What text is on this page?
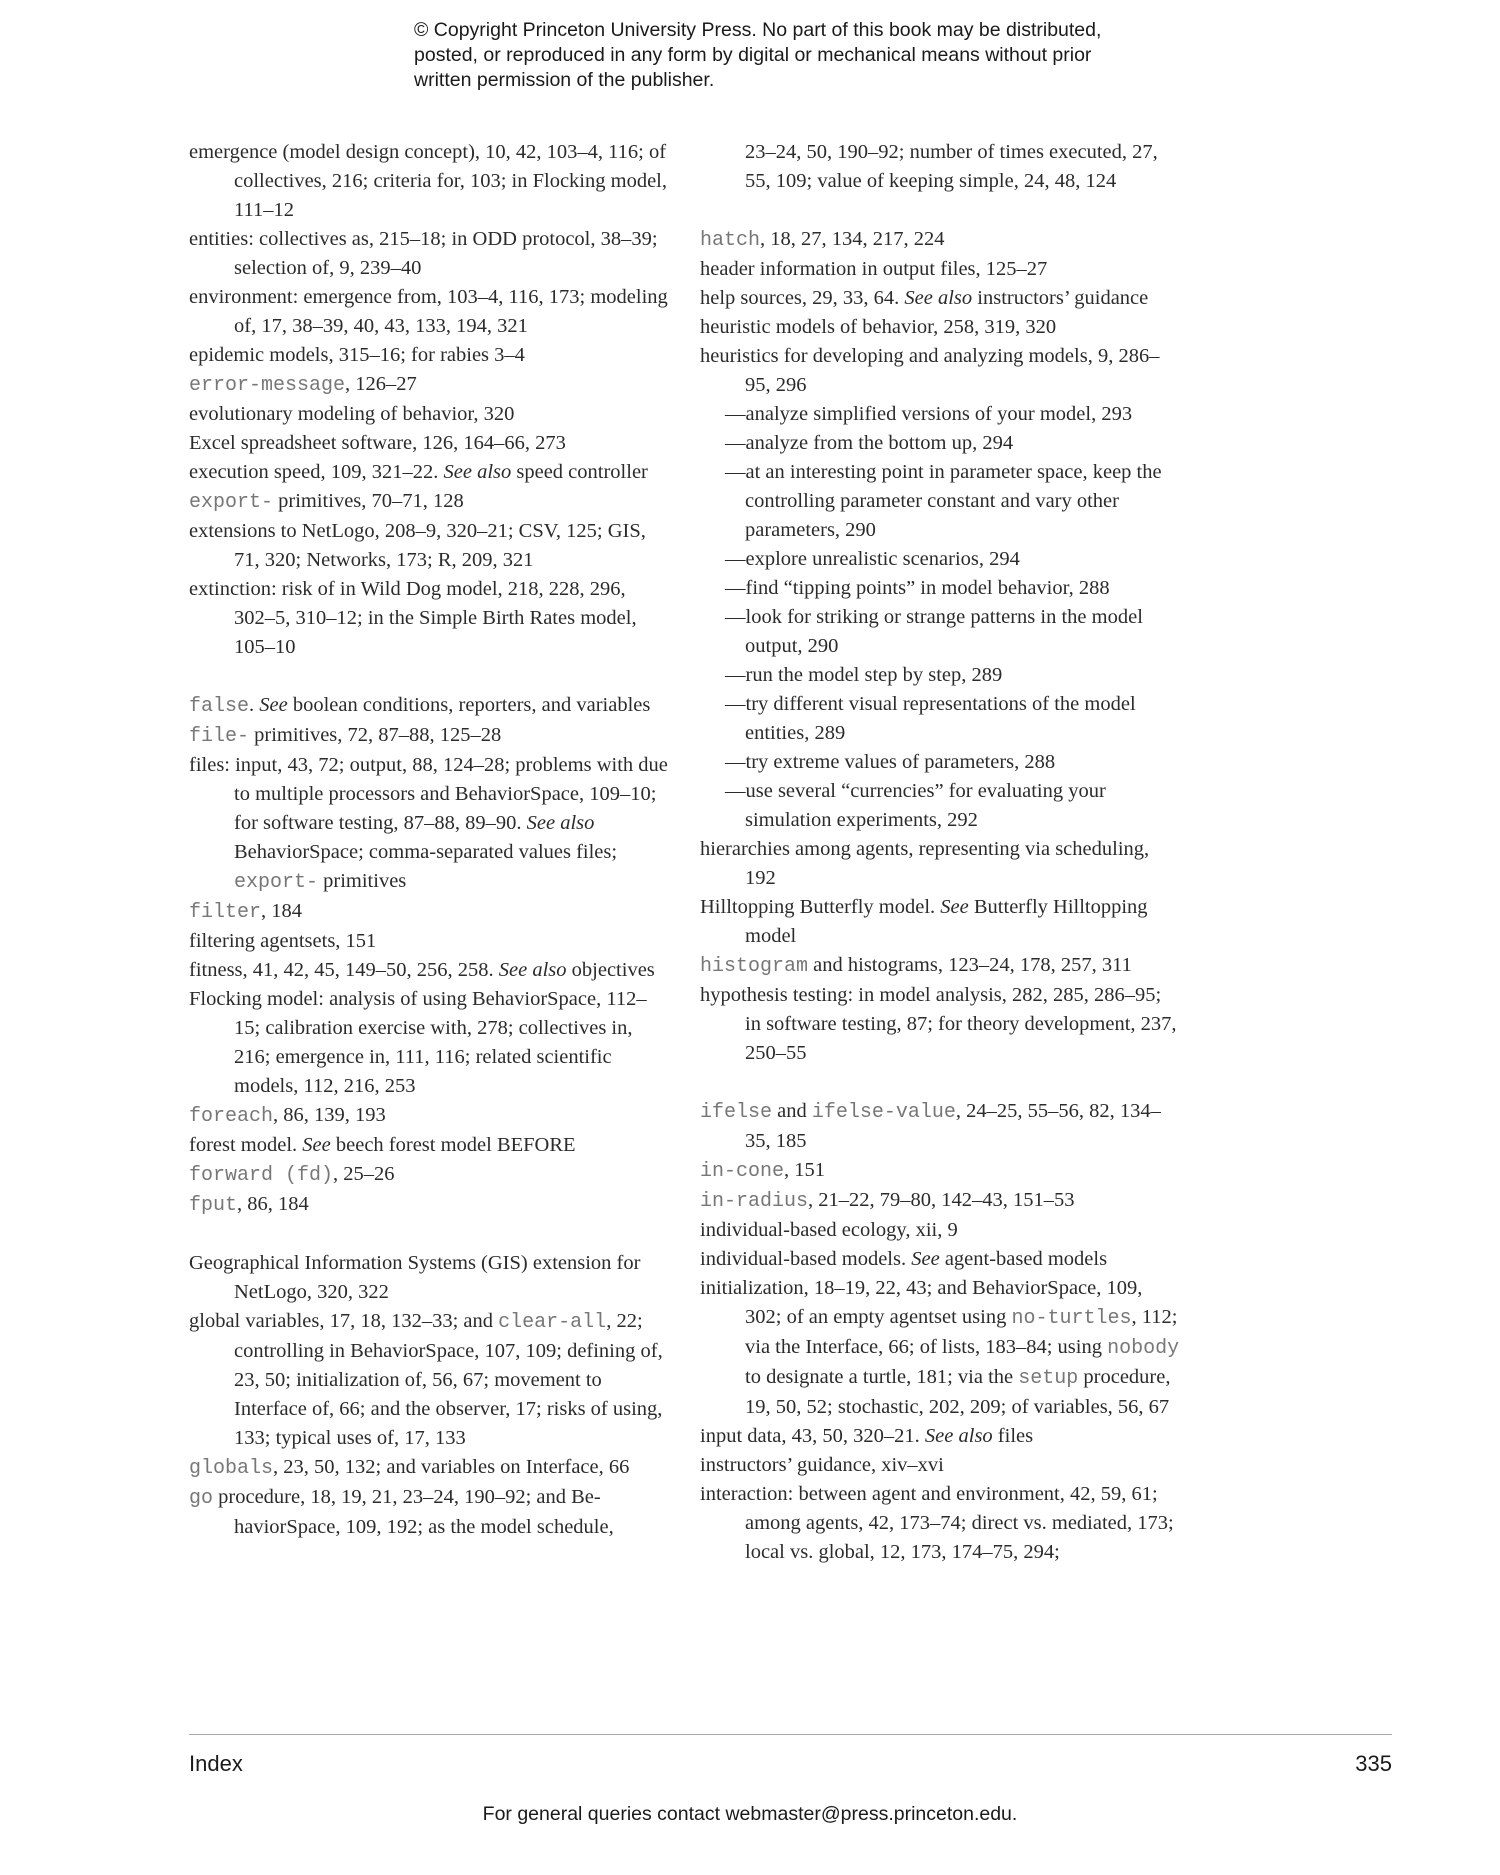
© Copyright Princeton University Press. No part of this book may be distributed, posted, or reproduced in any form by digital or mechanical means without prior written permission of the publisher.

emergence (model design concept), 10, 42, 103–4, 116; of collectives, 216; criteria for, 103; in Flocking model, 111–12

entities: collectives as, 215–18; in ODD protocol, 38–39; selection of, 9, 239–40

environment: emergence from, 103–4, 116, 173; modeling of, 17, 38–39, 40, 43, 133, 194, 321

epidemic models, 315–16; for rabies 3–4

error-message, 126–27

evolutionary modeling of behavior, 320

Excel spreadsheet software, 126, 164–66, 273

execution speed, 109, 321–22. See also speed controller

export- primitives, 70–71, 128

extensions to NetLogo, 208–9, 320–21; CSV, 125; GIS, 71, 320; Networks, 173; R, 209, 321

extinction: risk of in Wild Dog model, 218, 228, 296, 302–5, 310–12; in the Simple Birth Rates model, 105–10

false. See boolean conditions, reporters, and variables

file- primitives, 72, 87–88, 125–28

files: input, 43, 72; output, 88, 124–28; problems with due to multiple processors and BehaviorSpace, 109–10; for software testing, 87–88, 89–90. See also BehaviorSpace; comma-separated values files; export- primitives

filter, 184

filtering agentsets, 151

fitness, 41, 42, 45, 149–50, 256, 258. See also objectives

Flocking model: analysis of using BehaviorSpace, 112–15; calibration exercise with, 278; collectives in, 216; emergence in, 111, 116; related scientific models, 112, 216, 253

foreach, 86, 139, 193

forest model. See beech forest model BEFORE

forward (fd), 25–26

fput, 86, 184

Geographical Information Systems (GIS) extension for NetLogo, 320, 322

global variables, 17, 18, 132–33; and clear-all, 22; controlling in BehaviorSpace, 107, 109; defining of, 23, 50; initialization of, 56, 67; movement to Interface of, 66; and the observer, 17; risks of using, 133; typical uses of, 17, 133

globals, 23, 50, 132; and variables on Interface, 66

go procedure, 18, 19, 21, 23–24, 190–92; and BehaviorSpace, 109, 192; as the model schedule,

23–24, 50, 190–92; number of times executed, 27, 55, 109; value of keeping simple, 24, 48, 124

hatch, 18, 27, 134, 217, 224

header information in output files, 125–27

help sources, 29, 33, 64. See also instructors’ guidance

heuristic models of behavior, 258, 319, 320

heuristics for developing and analyzing models, 9, 286–95, 296

—analyze simplified versions of your model, 293

—analyze from the bottom up, 294

—at an interesting point in parameter space, keep the controlling parameter constant and vary other parameters, 290

—explore unrealistic scenarios, 294

—find “tipping points” in model behavior, 288

—look for striking or strange patterns in the model output, 290

—run the model step by step, 289

—try different visual representations of the model entities, 289

—try extreme values of parameters, 288

—use several “currencies” for evaluating your simulation experiments, 292

hierarchies among agents, representing via scheduling, 192

Hilltopping Butterfly model. See Butterfly Hilltopping model

histogram and histograms, 123–24, 178, 257, 311

hypothesis testing: in model analysis, 282, 285, 286–95; in software testing, 87; for theory development, 237, 250–55

ifelse and ifelse-value, 24–25, 55–56, 82, 134–35, 185

in-cone, 151

in-radius, 21–22, 79–80, 142–43, 151–53

individual-based ecology, xii, 9

individual-based models. See agent-based models

initialization, 18–19, 22, 43; and BehaviorSpace, 109, 302; of an empty agentset using no-turtles, 112; via the Interface, 66; of lists, 183–84; using nobody to designate a turtle, 181; via the setup procedure, 19, 50, 52; stochastic, 202, 209; of variables, 56, 67

input data, 43, 50, 320–21. See also files

instructors’ guidance, xiv–xvi

interaction: between agent and environment, 42, 59, 61; among agents, 42, 173–74; direct vs. mediated, 173; local vs. global, 12, 173, 174–75, 294;

Index	335
For general queries contact webmaster@press.princeton.edu.
